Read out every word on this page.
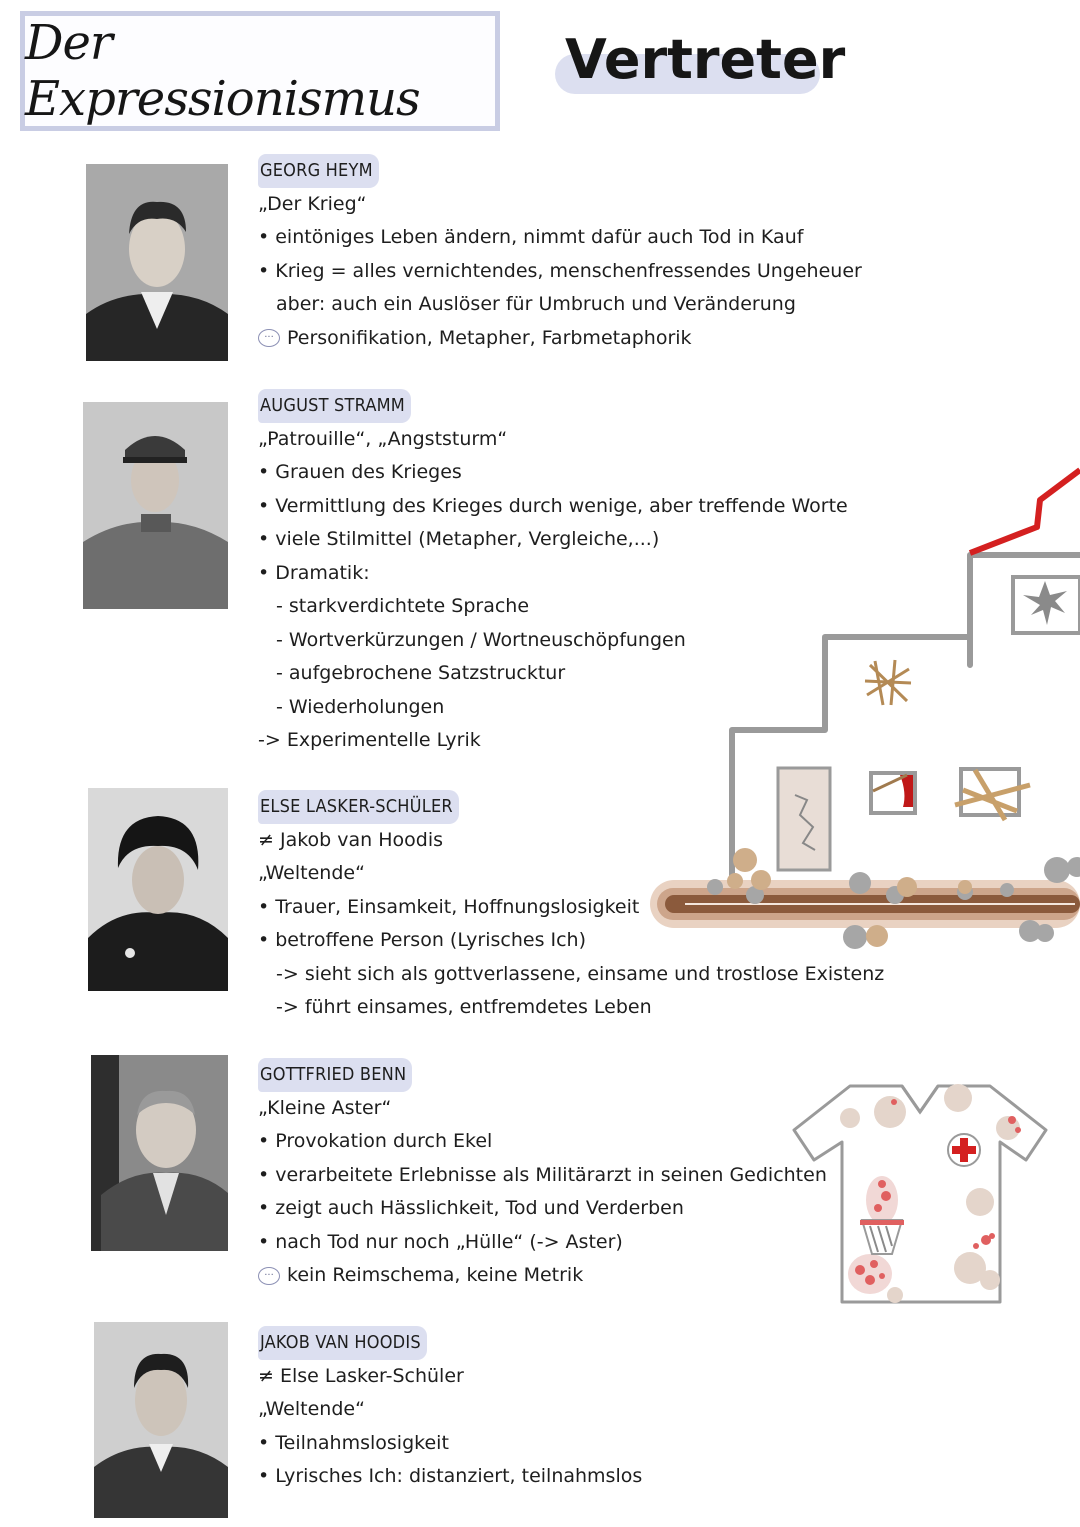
Der Expressionismus
Vertreter
GEORG HEYM
„Der Krieg“
• eintöniges Leben ändern, nimmt dafür auch Tod in Kauf
• Krieg = alles vernichtendes, menschenfressendes Ungeheuer
aber: auch ein Auslöser für Umbruch und Veränderung
··· Personifikation, Metapher, Farbmetaphorik
AUGUST STRAMM
„Patrouille“, „Angststurm“
• Grauen des Krieges
• Vermittlung des Krieges durch wenige, aber treffende Worte
• viele Stilmittel (Metapher, Vergleiche,...)
• Dramatik:
- starkverdichtete Sprache
- Wortverkürzungen / Wortneuschöpfungen
- aufgebrochene Satzstrucktur
- Wiederholungen
-> Experimentelle Lyrik
ELSE LASKER-SCHÜLER
≠ Jakob van Hoodis
„Weltende“
• Trauer, Einsamkeit, Hoffnungslosigkeit
• betroffene Person (Lyrisches Ich)
-> sieht sich als gottverlassene, einsame und trostlose Existenz
-> führt einsames, entfremdetes Leben
GOTTFRIED BENN
„Kleine Aster“
• Provokation durch Ekel
• verarbeitete Erlebnisse als Militärarzt in seinen Gedichten
• zeigt auch Hässlichkeit, Tod und Verderben
• nach Tod nur noch „Hülle“ (-> Aster)
··· kein Reimschema, keine Metrik
JAKOB VAN HOODIS
≠ Else Lasker-Schüler
„Weltende“
• Teilnahmslosigkeit
• Lyrisches Ich: distanziert, teilnahmslos
